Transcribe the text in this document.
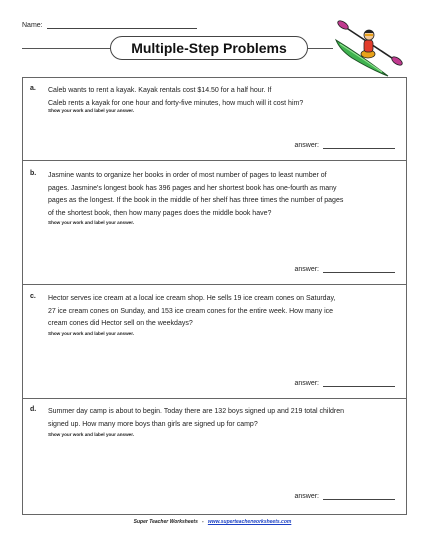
Name:
Multiple-Step Problems
a. Caleb wants to rent a kayak. Kayak rentals cost $14.50 for a half hour. If
Caleb rents a kayak for one hour and forty-five minutes, how much will it cost him?
Show your work and label your answer.
answer:
b. Jasmine wants to organize her books in order of most number of pages to least number of
pages. Jasmine's longest book has 396 pages and her shortest book has one-fourth as many
pages as the longest. If the book in the middle of her shelf has three times the number of pages
of the shortest book, then how many pages does the middle book have?
Show your work and label your answer.
answer:
c. Hector serves ice cream at a local ice cream shop. He sells 19 ice cream cones on Saturday,
27 ice cream cones on Sunday, and 153 ice cream cones for the entire week. How many ice
cream cones did Hector sell on the weekdays?
Show your work and label your answer.
answer:
d. Summer day camp is about to begin. Today there are 132 boys signed up and 219 total children
signed up. How many more boys than girls are signed up for camp?
Show your work and label your answer.
answer:
Super Teacher Worksheets - www.superteacherworksheets.com
